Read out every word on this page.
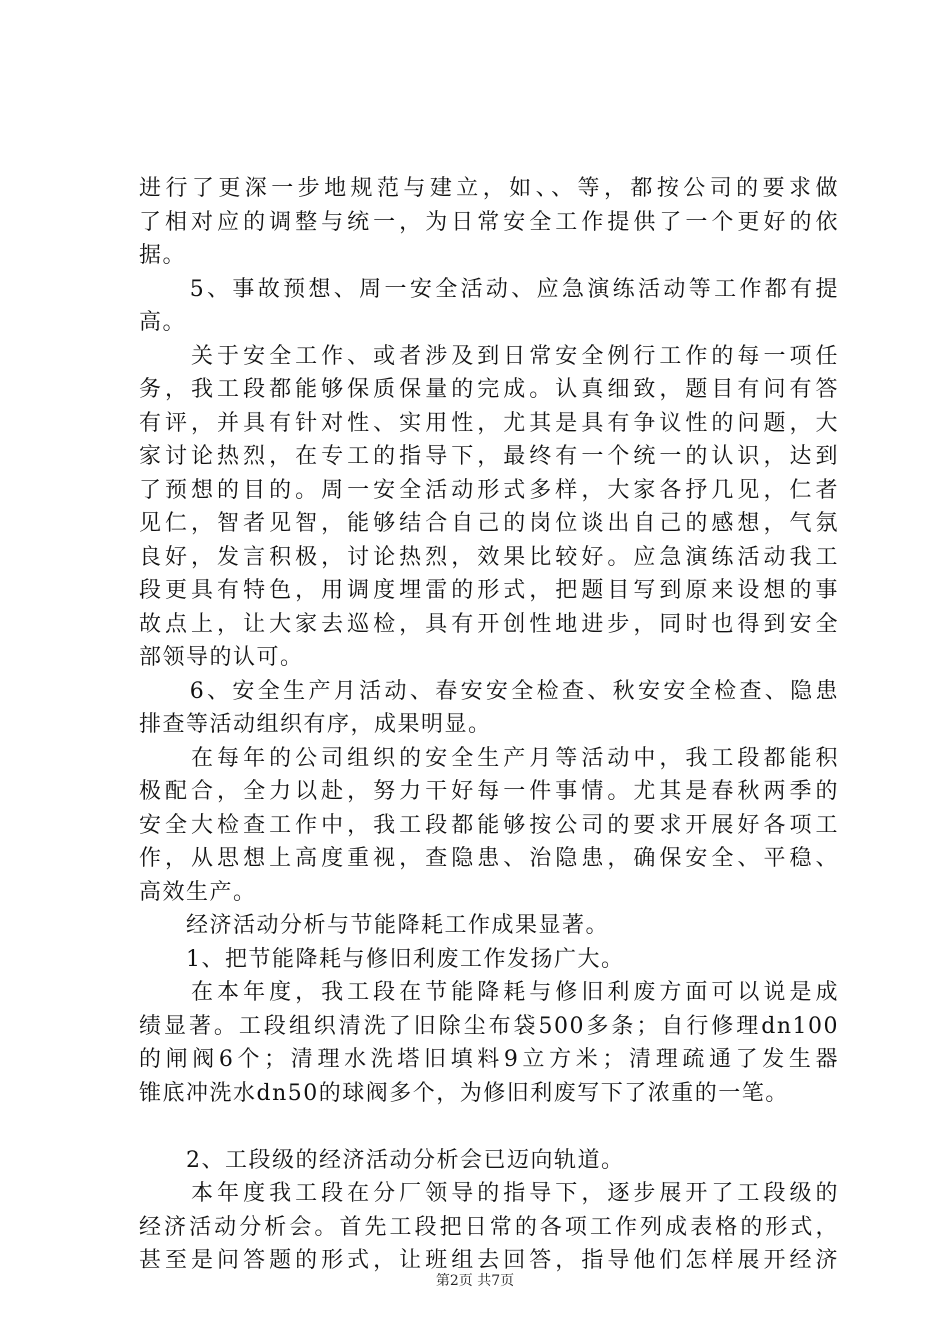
进行了更深一步地规范与建立，如、、等，都按公司的要求做
了相对应的调整与统一，为日常安全工作提供了一个更好的依
据。
　　5、事故预想、周一安全活动、应急演练活动等工作都有提
高。
　　关于安全工作、或者涉及到日常安全例行工作的每一项任
务，我工段都能够保质保量的完成。认真细致，题目有问有答
有评，并具有针对性、实用性，尤其是具有争议性的问题，大
家讨论热烈，在专工的指导下，最终有一个统一的认识，达到
了预想的目的。周一安全活动形式多样，大家各抒几见，仁者
见仁，智者见智，能够结合自己的岗位谈出自己的感想，气氛
良好，发言积极，讨论热烈，效果比较好。应急演练活动我工
段更具有特色，用调度埋雷的形式，把题目写到原来设想的事
故点上，让大家去巡检，具有开创性地进步，同时也得到安全
部领导的认可。
　　6、安全生产月活动、春安安全检查、秋安安全检查、隐患
排查等活动组织有序，成果明显。
　　在每年的公司组织的安全生产月等活动中，我工段都能积
极配合，全力以赴，努力干好每一件事情。尤其是春秋两季的
安全大检查工作中，我工段都能够按公司的要求开展好各项工
作，从思想上高度重视，查隐患、治隐患，确保安全、平稳、
高效生产。
　　经济活动分析与节能降耗工作成果显著。
　　1、把节能降耗与修旧利废工作发扬广大。
　　在本年度，我工段在节能降耗与修旧利废方面可以说是成
绩显著。工段组织清洗了旧除尘布袋500多条；自行修理dn100
的闸阀6个；清理水洗塔旧填料9立方米；清理疏通了发生器
锥底冲洗水dn50的球阀多个，为修旧利废写下了浓重的一笔。
　　2、工段级的经济活动分析会已迈向轨道。
　　本年度我工段在分厂领导的指导下，逐步展开了工段级的
经济活动分析会。首先工段把日常的各项工作列成表格的形式，
甚至是问答题的形式，让班组去回答，指导他们怎样展开经济
第2页 共7页
